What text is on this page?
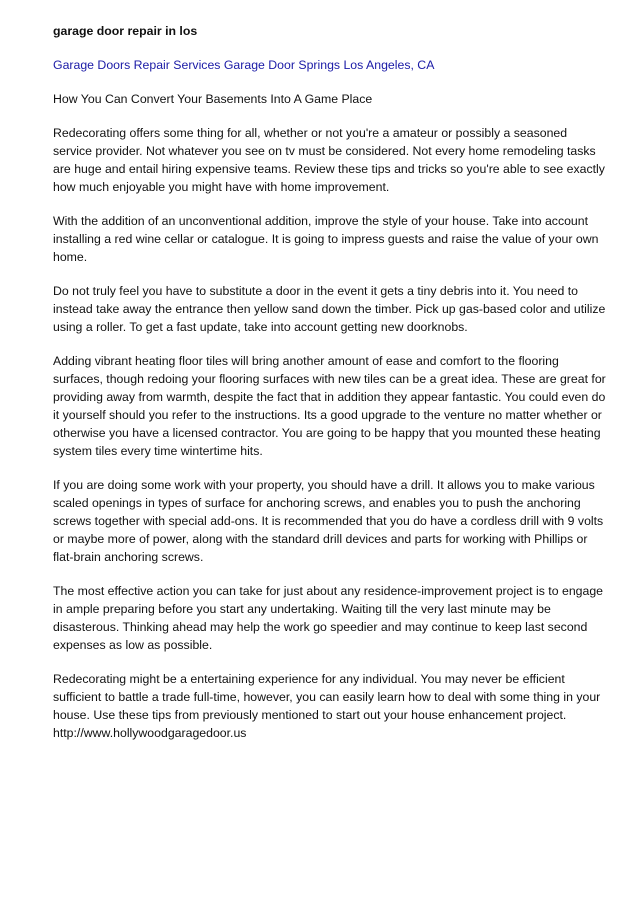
garage door repair in los
Garage Doors Repair Services Garage Door Springs Los Angeles, CA
How You Can Convert Your Basements Into A Game Place

Redecorating offers some thing for all, whether or not you're a amateur or possibly a seasoned service provider. Not whatever you see on tv must be considered. Not every home remodeling tasks are huge and entail hiring expensive teams. Review these tips and tricks so you're able to see exactly how much enjoyable you might have with home improvement.

With the addition of an unconventional addition, improve the style of your house. Take into account installing a red wine cellar or catalogue. It is going to impress guests and raise the value of your own home.

Do not truly feel you have to substitute a door in the event it gets a tiny debris into it. You need to instead take away the entrance then yellow sand down the timber. Pick up gas-based color and utilize using a roller. To get a fast update, take into account getting new doorknobs.

Adding vibrant heating floor tiles will bring another amount of ease and comfort to the flooring surfaces, though redoing your flooring surfaces with new tiles can be a great idea. These are great for providing away from warmth, despite the fact that in addition they appear fantastic. You could even do it yourself should you refer to the instructions. Its a good upgrade to the venture no matter whether or otherwise you have a licensed contractor. You are going to be happy that you mounted these heating system tiles every time wintertime hits.

If you are doing some work with your property, you should have a drill. It allows you to make various scaled openings in types of surface for anchoring screws, and enables you to push the anchoring screws together with special add-ons. It is recommended that you do have a cordless drill with 9 volts or maybe more of power, along with the standard drill devices and parts for working with Phillips or flat-brain anchoring screws.

The most effective action you can take for just about any residence-improvement project is to engage in ample preparing before you start any undertaking. Waiting till the very last minute may be disasterous. Thinking ahead may help the work go speedier and may continue to keep last second expenses as low as possible.

Redecorating might be a entertaining experience for any individual. You may never be efficient sufficient to battle a trade full-time, however, you can easily learn how to deal with some thing in your house. Use these tips from previously mentioned to start out your house enhancement project. http://www.hollywoodgaragedoor.us
